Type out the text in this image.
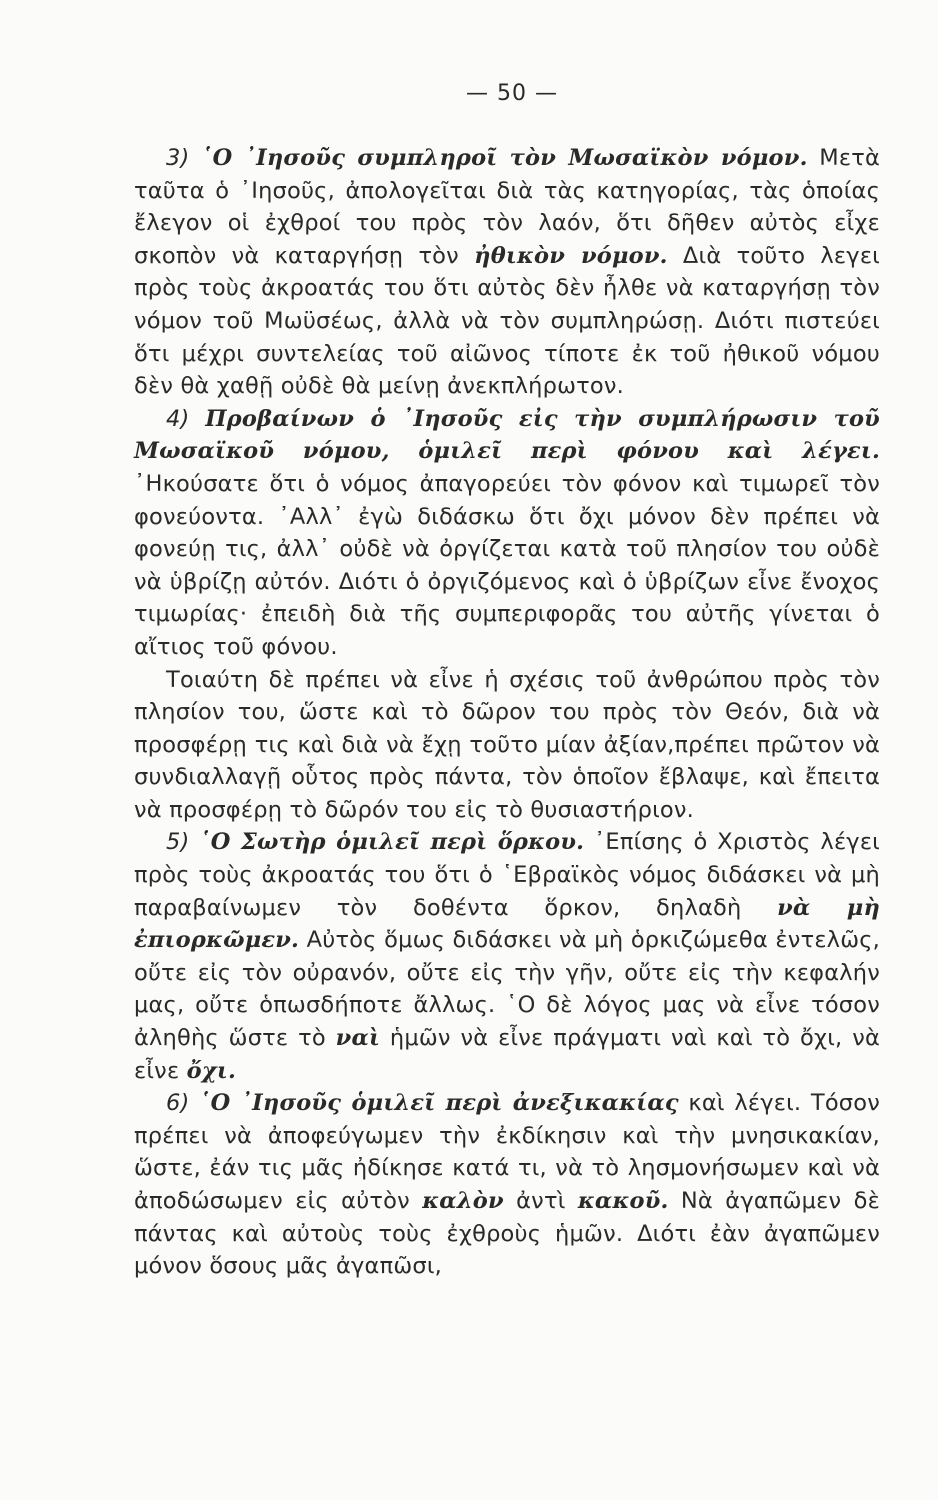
— 50 —

3) ῾Ο ᾿Ιησοῦς συμπληροῖ τὸν Μωσαϊκὸν νόμον. Μετὰ ταῦτα ὁ ᾿Ιησοῦς, ἀπολογεῖται διὰ τὰς κατηγορίας, τὰς ὁποίας ἔλεγον οἱ ἐχθροί του πρὸς τὸν λαόν, ὅτι δῆθεν αὐτὸς εἶχε σκοπὸν νὰ καταργήσῃ τὸν ἠθικὸν νόμον. Διὰ τοῦτο λεγει πρὸς τοὺς ἀκροατάς του ὅτι αὐτὸς δὲν ἦλθε νὰ καταργήσῃ τὸν νόμον τοῦ Μωϋσέως, ἀλλὰ νὰ τὸν συμπληρώσῃ. Διότι πιστεύει ὅτι μέχρι συντελείας τοῦ αἰῶνος τίποτε ἐκ τοῦ ἠθικοῦ νόμου δὲν θὰ χαθῇ οὐδὲ θὰ μείνῃ ἀνεκπλήρωτον.

4) Προβαίνων ὁ ᾿Ιησοῦς εἰς τὴν συμπλήρωσιν τοῦ Μωσαϊκοῦ νόμου, ὁμιλεῖ περὶ φόνου καὶ λέγει. ᾿Ηκούσατε ὅτι ὁ νόμος ἀπαγορεύει τὸν φόνον καὶ τιμωρεῖ τὸν φονεύοντα. ᾿Αλλ᾿ ἐγὼ διδάσκω ὅτι ὄχι μόνον δὲν πρέπει νὰ φονεύῃ τις, ἀλλ᾿ οὐδὲ νὰ ὀργίζεται κατὰ τοῦ πλησίον του οὐδὲ νὰ ὑβρίζῃ αὐτόν. Διότι ὁ ὀργιζόμενος καὶ ὁ ὑβρίζων εἶνε ἔνοχος τιμωρίας· ἐπειδὴ διὰ τῆς συμπεριφορᾶς του αὐτῆς γίνεται ὁ αἴτιος τοῦ φόνου.

Τοιαύτη δὲ πρέπει νὰ εἶνε ἡ σχέσις τοῦ ἀνθρώπου πρὸς τὸν πλησίον του, ὥστε καὶ τὸ δῶρον του πρὸς τὸν Θεόν, διὰ νὰ προσφέρῃ τις καὶ διὰ νὰ ἔχῃ τοῦτο μίαν ἀξίαν,πρέπει πρῶτον νὰ συνδιαλλαγῇ οὗτος πρὸς πάντα, τὸν ὁποῖον ἔβλαψε, καὶ ἔπειτα νὰ προσφέρῃ τὸ δῶρόν του εἰς τὸ θυσιαστήριον.

5) ῾Ο Σωτὴρ ὁμιλεῖ περὶ ὅρκου. ᾿Επίσης ὁ Χριστὸς λέγει πρὸς τοὺς ἀκροατάς του ὅτι ὁ ῾Εβραϊκὸς νόμος διδάσκει νὰ μὴ παραβαίνωμεν τὸν δοθέντα ὅρκον, δηλαδὴ νὰ μὴ ἐπιορκῶμεν. Αὐτὸς ὅμως διδάσκει νὰ μὴ ὁρκιζώμεθα ἐντελῶς, οὔτε εἰς τὸν οὐρανόν, οὔτε εἰς τὴν γῆν, οὔτε εἰς τὴν κεφαλήν μας, οὔτε ὁπωσδήποτε ἄλλως. ῾Ο δὲ λόγος μας νὰ εἶνε τόσον ἀληθὴς ὥστε τὸ ναὶ ἡμῶν νὰ εἶνε πράγματι ναὶ καὶ τὸ ὄχι, νὰ εἶνε ὄχι.

6) ῾Ο ᾿Ιησοῦς ὁμιλεῖ περὶ ἀνεξικακίας καὶ λέγει. Τόσον πρέπει νὰ ἀποφεύγωμεν τὴν ἐκδίκησιν καὶ τὴν μνησικακίαν, ὥστε, ἐάν τις μᾶς ἠδίκησε κατά τι, νὰ τὸ λησμονήσωμεν καὶ νὰ ἀποδώσωμεν εἰς αὐτὸν καλὸν ἀντὶ κακοῦ. Νὰ ἀγαπῶμεν δὲ πάντας καὶ αὐτοὺς τοὺς ἐχθροὺς ἡμῶν. Διότι ἐὰν ἀγαπῶμεν μόνον ὅσους μᾶς ἀγαπῶσι,
